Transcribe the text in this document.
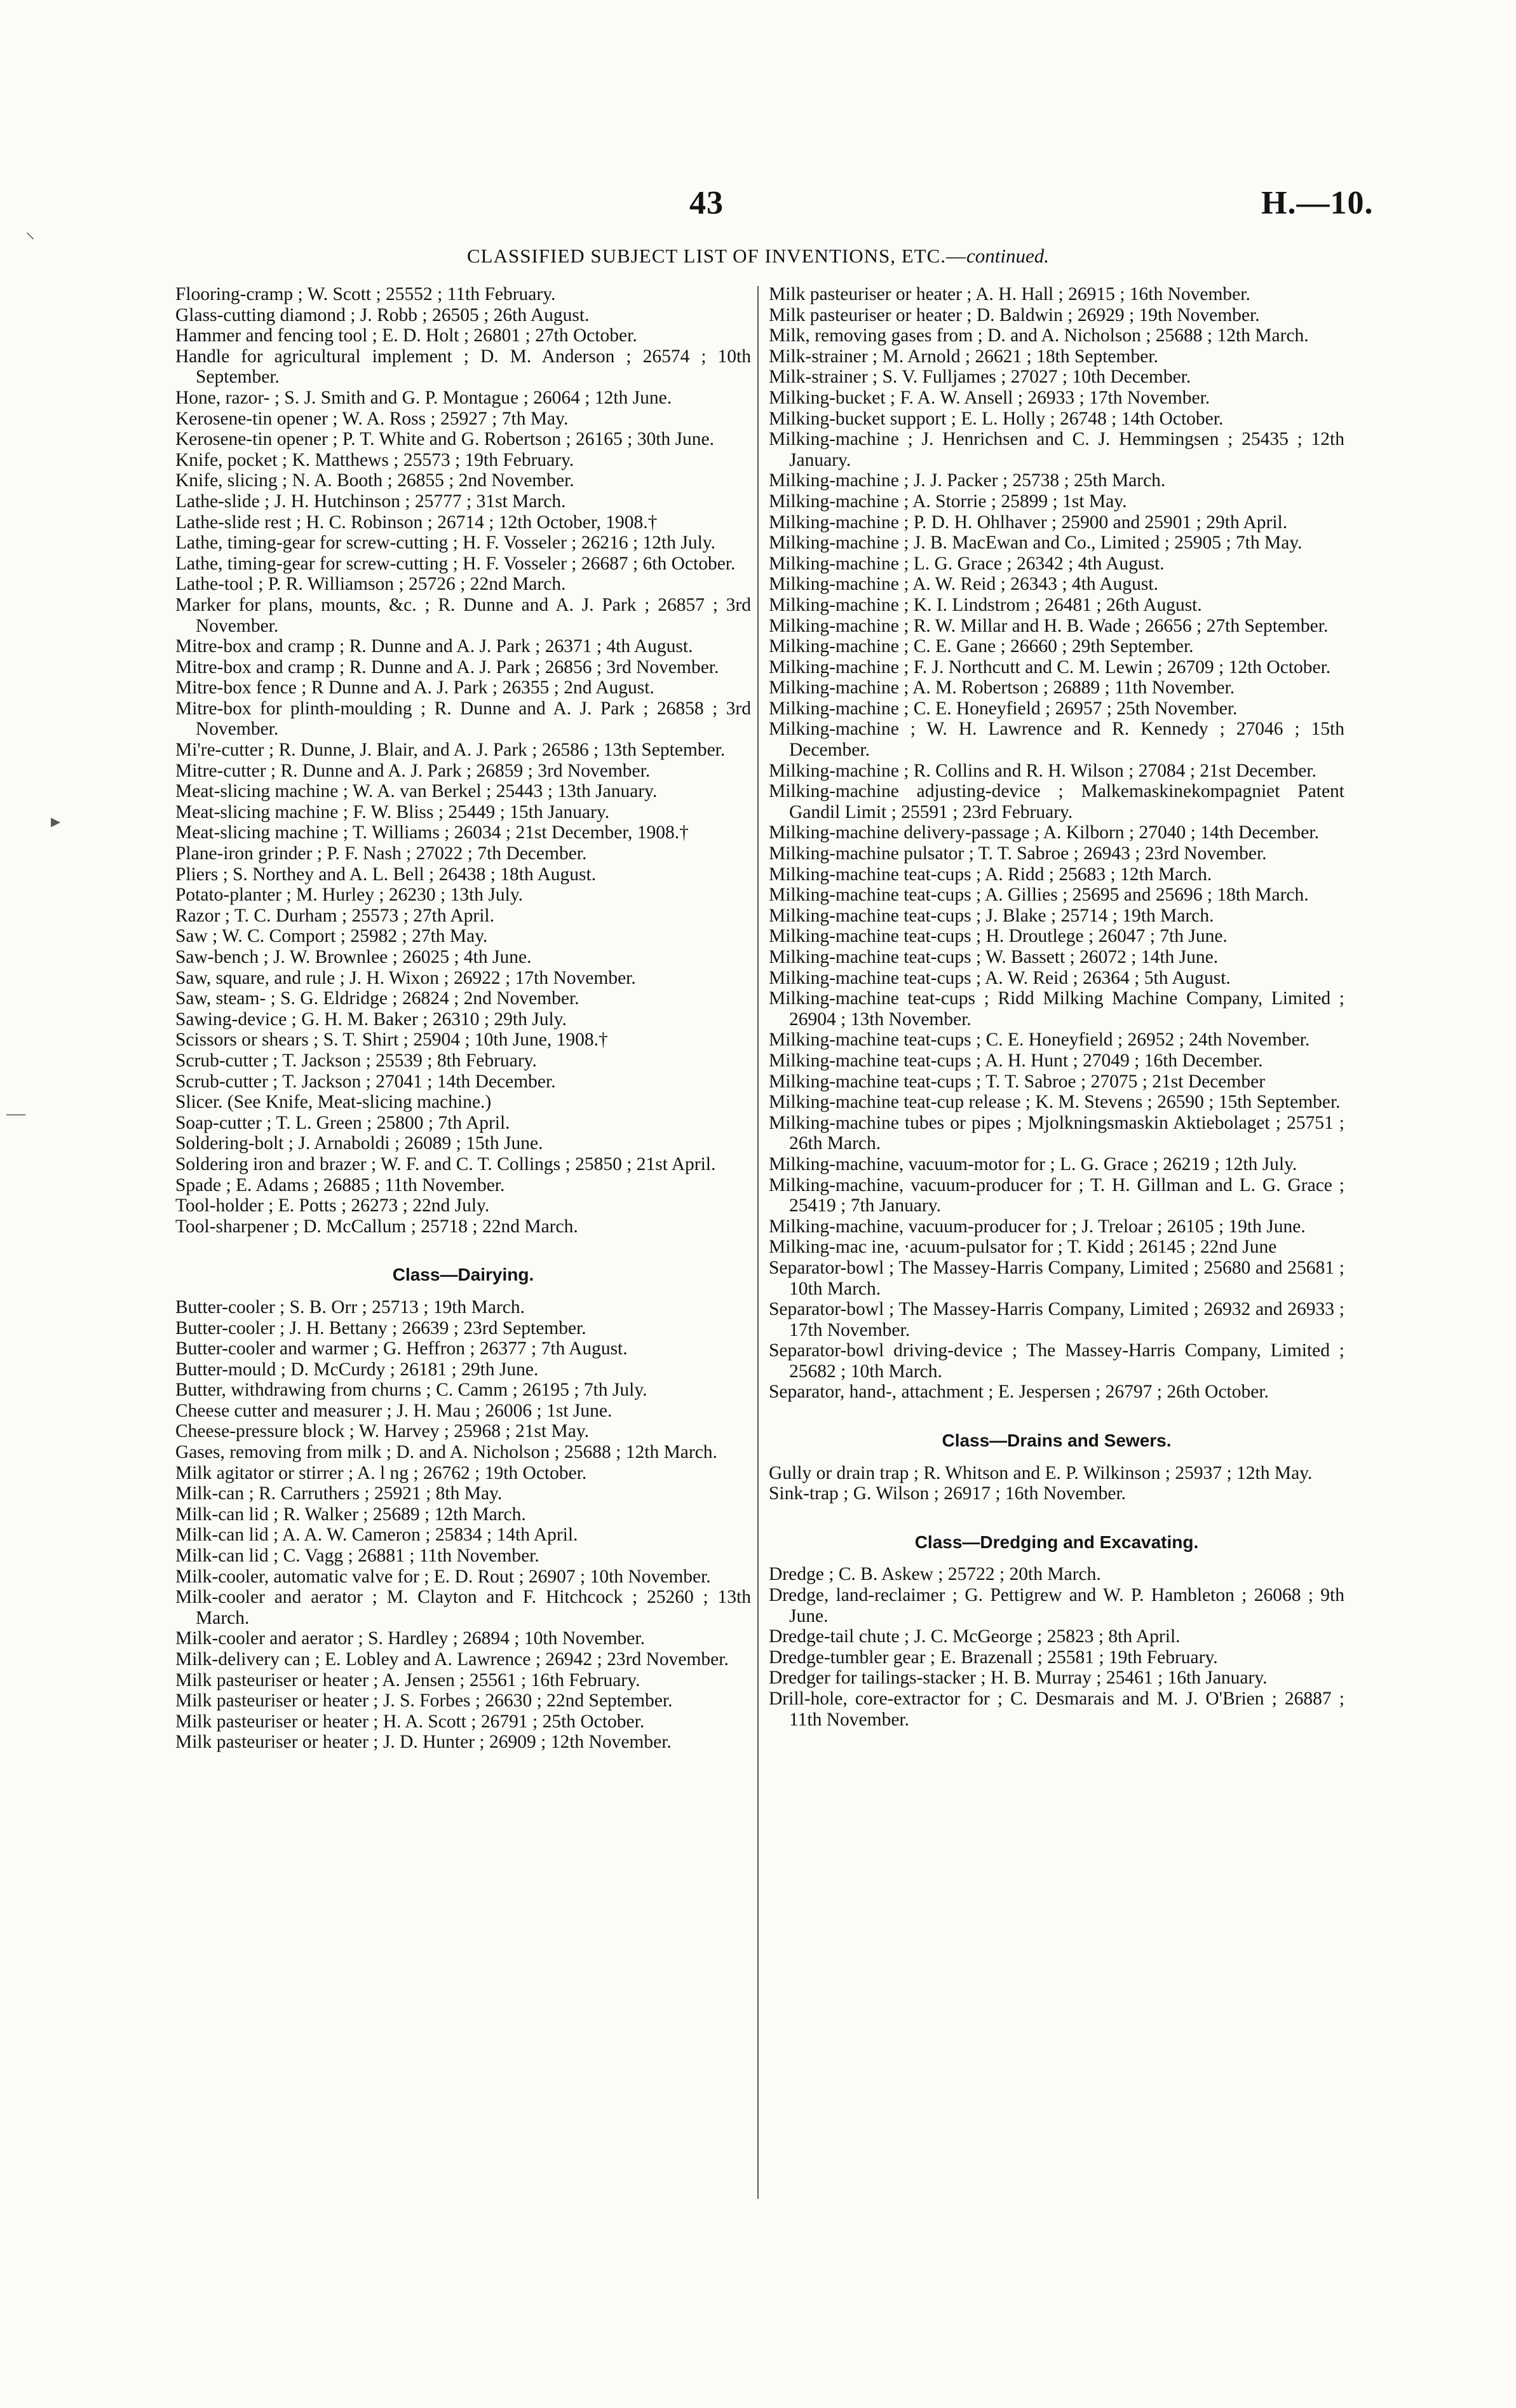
43	H.—10.
CLASSIFIED SUBJECT LIST OF INVENTIONS, ETC.—continued.
⸌
▸
—
Flooring-cramp ; W. Scott ; 25552 ; 11th February.
Glass-cutting diamond ; J. Robb ; 26505 ; 26th August.
Hammer and fencing tool ; E. D. Holt ; 26801 ; 27th October.
Handle for agricultural implement ; D. M. Anderson ; 26574 ; 10th September.
Hone, razor- ; S. J. Smith and G. P. Montague ; 26064 ; 12th June.
Kerosene-tin opener ; W. A. Ross ; 25927 ; 7th May.
Kerosene-tin opener ; P. T. White and G. Robertson ; 26165 ; 30th June.
Knife, pocket ; K. Matthews ; 25573 ; 19th February.
Knife, slicing ; N. A. Booth ; 26855 ; 2nd November.
Lathe-slide ; J. H. Hutchinson ; 25777 ; 31st March.
Lathe-slide rest ; H. C. Robinson ; 26714 ; 12th October, 1908.†
Lathe, timing-gear for screw-cutting ; H. F. Vosseler ; 26216 ; 12th July.
Lathe, timing-gear for screw-cutting ; H. F. Vosseler ; 26687 ; 6th October.
Lathe-tool ; P. R. Williamson ; 25726 ; 22nd March.
Marker for plans, mounts, &c. ; R. Dunne and A. J. Park ; 26857 ; 3rd November.
Mitre-box and cramp ; R. Dunne and A. J. Park ; 26371 ; 4th August.
Mitre-box and cramp ; R. Dunne and A. J. Park ; 26856 ; 3rd November.
Mitre-box fence ; R Dunne and A. J. Park ; 26355 ; 2nd August.
Mitre-box for plinth-moulding ; R. Dunne and A. J. Park ; 26858 ; 3rd November.
Mi're-cutter ; R. Dunne, J. Blair, and A. J. Park ; 26586 ; 13th September.
Mitre-cutter ; R. Dunne and A. J. Park ; 26859 ; 3rd November.
Meat-slicing machine ; W. A. van Berkel ; 25443 ; 13th January.
Meat-slicing machine ; F. W. Bliss ; 25449 ; 15th January.
Meat-slicing machine ; T. Williams ; 26034 ; 21st December, 1908.†
Plane-iron grinder ; P. F. Nash ; 27022 ; 7th December.
Pliers ; S. Northey and A. L. Bell ; 26438 ; 18th August.
Potato-planter ; M. Hurley ; 26230 ; 13th July.
Razor ; T. C. Durham ; 25573 ; 27th April.
Saw ; W. C. Comport ; 25982 ; 27th May.
Saw-bench ; J. W. Brownlee ; 26025 ; 4th June.
Saw, square, and rule ; J. H. Wixon ; 26922 ; 17th November.
Saw, steam- ; S. G. Eldridge ; 26824 ; 2nd November.
Sawing-device ; G. H. M. Baker ; 26310 ; 29th July.
Scissors or shears ; S. T. Shirt ; 25904 ; 10th June, 1908.†
Scrub-cutter ; T. Jackson ; 25539 ; 8th February.
Scrub-cutter ; T. Jackson ; 27041 ; 14th December.
Slicer. (See Knife, Meat-slicing machine.)
Soap-cutter ; T. L. Green ; 25800 ; 7th April.
Soldering-bolt ; J. Arnaboldi ; 26089 ; 15th June.
Soldering iron and brazer ; W. F. and C. T. Collings ; 25850 ; 21st April.
Spade ; E. Adams ; 26885 ; 11th November.
Tool-holder ; E. Potts ; 26273 ; 22nd July.
Tool-sharpener ; D. McCallum ; 25718 ; 22nd March.
Class—Dairying.
Butter-cooler ; S. B. Orr ; 25713 ; 19th March.
Butter-cooler ; J. H. Bettany ; 26639 ; 23rd September.
Butter-cooler and warmer ; G. Heffron ; 26377 ; 7th August.
Butter-mould ; D. McCurdy ; 26181 ; 29th June.
Butter, withdrawing from churns ; C. Camm ; 26195 ; 7th July.
Cheese cutter and measurer ; J. H. Mau ; 26006 ; 1st June.
Cheese-pressure block ; W. Harvey ; 25968 ; 21st May.
Gases, removing from milk ; D. and A. Nicholson ; 25688 ; 12th March.
Milk agitator or stirrer ; A. l ng ; 26762 ; 19th October.
Milk-can ; R. Carruthers ; 25921 ; 8th May.
Milk-can lid ; R. Walker ; 25689 ; 12th March.
Milk-can lid ; A. A. W. Cameron ; 25834 ; 14th April.
Milk-can lid ; C. Vagg ; 26881 ; 11th November.
Milk-cooler, automatic valve for ; E. D. Rout ; 26907 ; 10th November.
Milk-cooler and aerator ; M. Clayton and F. Hitchcock ; 25260 ; 13th March.
Milk-cooler and aerator ; S. Hardley ; 26894 ; 10th November.
Milk-delivery can ; E. Lobley and A. Lawrence ; 26942 ; 23rd November.
Milk pasteuriser or heater ; A. Jensen ; 25561 ; 16th February.
Milk pasteuriser or heater ; J. S. Forbes ; 26630 ; 22nd September.
Milk pasteuriser or heater ; H. A. Scott ; 26791 ; 25th October.
Milk pasteuriser or heater ; J. D. Hunter ; 26909 ; 12th November.
Milk pasteuriser or heater ; A. H. Hall ; 26915 ; 16th November.
Milk pasteuriser or heater ; D. Baldwin ; 26929 ; 19th November.
Milk, removing gases from ; D. and A. Nicholson ; 25688 ; 12th March.
Milk-strainer ; M. Arnold ; 26621 ; 18th September.
Milk-strainer ; S. V. Fulljames ; 27027 ; 10th December.
Milking-bucket ; F. A. W. Ansell ; 26933 ; 17th November.
Milking-bucket support ; E. L. Holly ; 26748 ; 14th October.
Milking-machine ; J. Henrichsen and C. J. Hemmingsen ; 25435 ; 12th January.
Milking-machine ; J. J. Packer ; 25738 ; 25th March.
Milking-machine ; A. Storrie ; 25899 ; 1st May.
Milking-machine ; P. D. H. Ohlhaver ; 25900 and 25901 ; 29th April.
Milking-machine ; J. B. MacEwan and Co., Limited ; 25905 ; 7th May.
Milking-machine ; L. G. Grace ; 26342 ; 4th August.
Milking-machine ; A. W. Reid ; 26343 ; 4th August.
Milking-machine ; K. I. Lindstrom ; 26481 ; 26th August.
Milking-machine ; R. W. Millar and H. B. Wade ; 26656 ; 27th September.
Milking-machine ; C. E. Gane ; 26660 ; 29th September.
Milking-machine ; F. J. Northcutt and C. M. Lewin ; 26709 ; 12th October.
Milking-machine ; A. M. Robertson ; 26889 ; 11th November.
Milking-machine ; C. E. Honeyfield ; 26957 ; 25th November.
Milking-machine ; W. H. Lawrence and R. Kennedy ; 27046 ; 15th December.
Milking-machine ; R. Collins and R. H. Wilson ; 27084 ; 21st December.
Milking-machine adjusting-device ; Malkemaskinekompagniet Patent Gandil Limit ; 25591 ; 23rd February.
Milking-machine delivery-passage ; A. Kilborn ; 27040 ; 14th December.
Milking-machine pulsator ; T. T. Sabroe ; 26943 ; 23rd November.
Milking-machine teat-cups ; A. Ridd ; 25683 ; 12th March.
Milking-machine teat-cups ; A. Gillies ; 25695 and 25696 ; 18th March.
Milking-machine teat-cups ; J. Blake ; 25714 ; 19th March.
Milking-machine teat-cups ; H. Droutlege ; 26047 ; 7th June.
Milking-machine teat-cups ; W. Bassett ; 26072 ; 14th June.
Milking-machine teat-cups ; A. W. Reid ; 26364 ; 5th August.
Milking-machine teat-cups ; Ridd Milking Machine Company, Limited ; 26904 ; 13th November.
Milking-machine teat-cups ; C. E. Honeyfield ; 26952 ; 24th November.
Milking-machine teat-cups ; A. H. Hunt ; 27049 ; 16th December.
Milking-machine teat-cups ; T. T. Sabroe ; 27075 ; 21st December
Milking-machine teat-cup release ; K. M. Stevens ; 26590 ; 15th September.
Milking-machine tubes or pipes ; Mjolkningsmaskin Aktiebolaget ; 25751 ; 26th March.
Milking-machine, vacuum-motor for ; L. G. Grace ; 26219 ; 12th July.
Milking-machine, vacuum-producer for ; T. H. Gillman and L. G. Grace ; 25419 ; 7th January.
Milking-machine, vacuum-producer for ; J. Treloar ; 26105 ; 19th June.
Milking-mac ine, ·acuum-pulsator for ; T. Kidd ; 26145 ; 22nd June
Separator-bowl ; The Massey-Harris Company, Limited ; 25680 and 25681 ; 10th March.
Separator-bowl ; The Massey-Harris Company, Limited ; 26932 and 26933 ; 17th November.
Separator-bowl driving-device ; The Massey-Harris Company, Limited ; 25682 ; 10th March.
Separator, hand-, attachment ; E. Jespersen ; 26797 ; 26th October.
Class—Drains and Sewers.
Gully or drain trap ; R. Whitson and E. P. Wilkinson ; 25937 ; 12th May.
Sink-trap ; G. Wilson ; 26917 ; 16th November.
Class—Dredging and Excavating.
Dredge ; C. B. Askew ; 25722 ; 20th March.
Dredge, land-reclaimer ; G. Pettigrew and W. P. Hambleton ; 26068 ; 9th June.
Dredge-tail chute ; J. C. McGeorge ; 25823 ; 8th April.
Dredge-tumbler gear ; E. Brazenall ; 25581 ; 19th February.
Dredger for tailings-stacker ; H. B. Murray ; 25461 ; 16th January.
Drill-hole, core-extractor for ; C. Desmarais and M. J. O'Brien ; 26887 ; 11th November.
